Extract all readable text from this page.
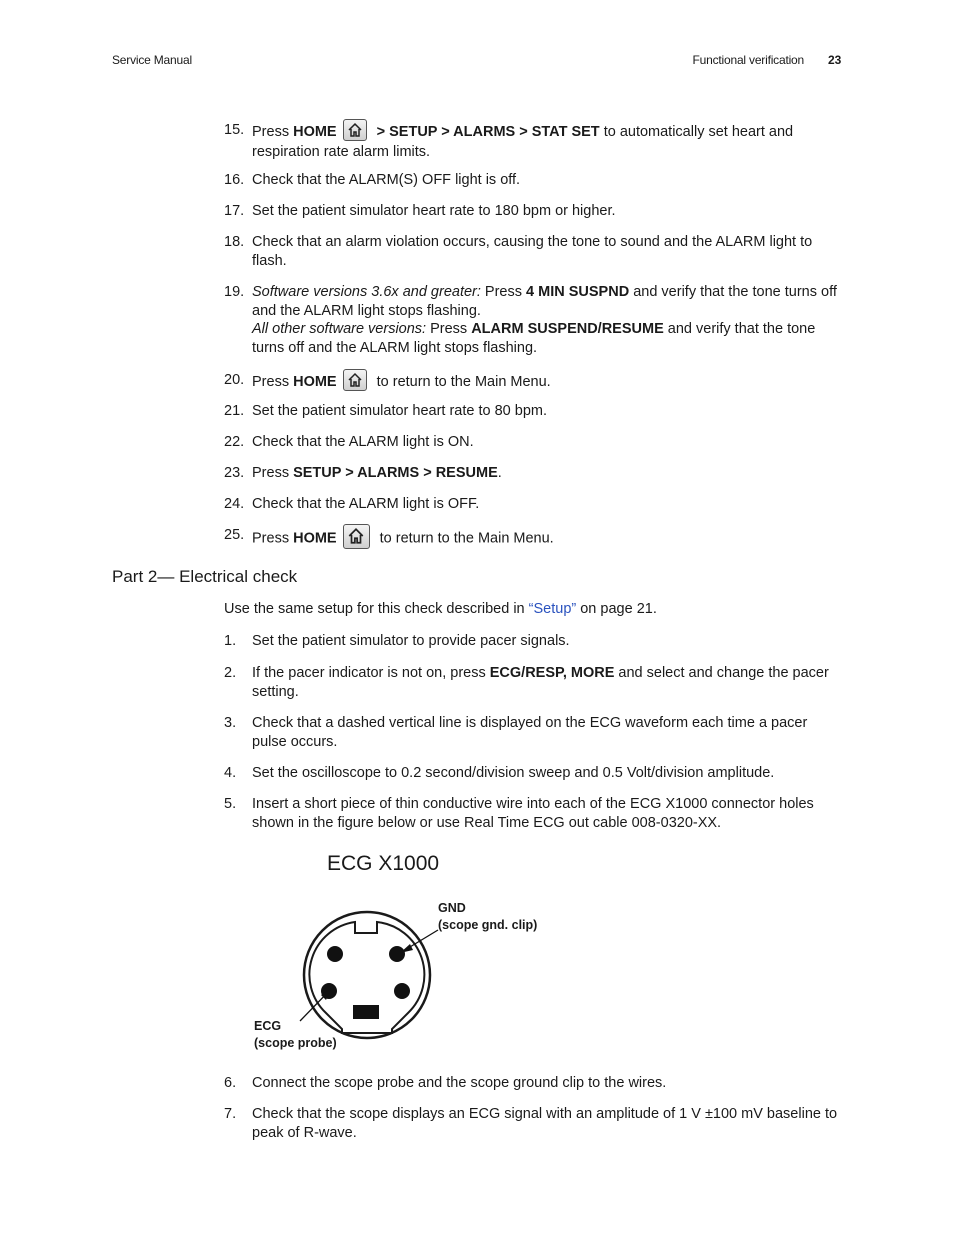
Service Manual	Functional verification 23
15. Press HOME
> SETUP > ALARMS > STAT SET to automatically set heart and respiration rate alarm limits.
16. Check that the ALARM(S) OFF light is off.
17. Set the patient simulator heart rate to 180 bpm or higher.
18. Check that an alarm violation occurs, causing the tone to sound and the ALARM light to flash.
19. Software versions 3.6x and greater: Press 4 MIN SUSPND and verify that the tone turns off and the ALARM light stops flashing.
All other software versions: Press ALARM SUSPEND/RESUME and verify that the tone turns off and the ALARM light stops flashing.
20. Press HOME
to return to the Main Menu.
21. Set the patient simulator heart rate to 80 bpm.
22. Check that the ALARM light is ON.
23. Press SETUP > ALARMS > RESUME.
24. Check that the ALARM light is OFF.
25. Press HOME	to return to the Main Menu.
Part 2— Electrical check
Use the same setup for this check described in “Setup” on page 21.
1.	Set the patient simulator to provide pacer signals.
2.	If the pacer indicator is not on, press ECG/RESP, MORE and select and change the pacer setting.
3.	Check that a dashed vertical line is displayed on the ECG waveform each time a pacer pulse occurs.
4.	Set the oscilloscope to 0.2 second/division sweep and 0.5 Volt/division amplitude.
5.	Insert a short piece of thin conductive wire into each of the ECG X1000 connector holes shown in the figure below or use Real Time ECG out cable 008-0320-XX.
ECG X1000
GND
(scope gnd. clip)
ECG
(scope probe)
6.	Connect the scope probe and the scope ground clip to the wires.
7.	Check that the scope displays an ECG signal with an amplitude of 1 V ±100 mV baseline to peak of R-wave.
